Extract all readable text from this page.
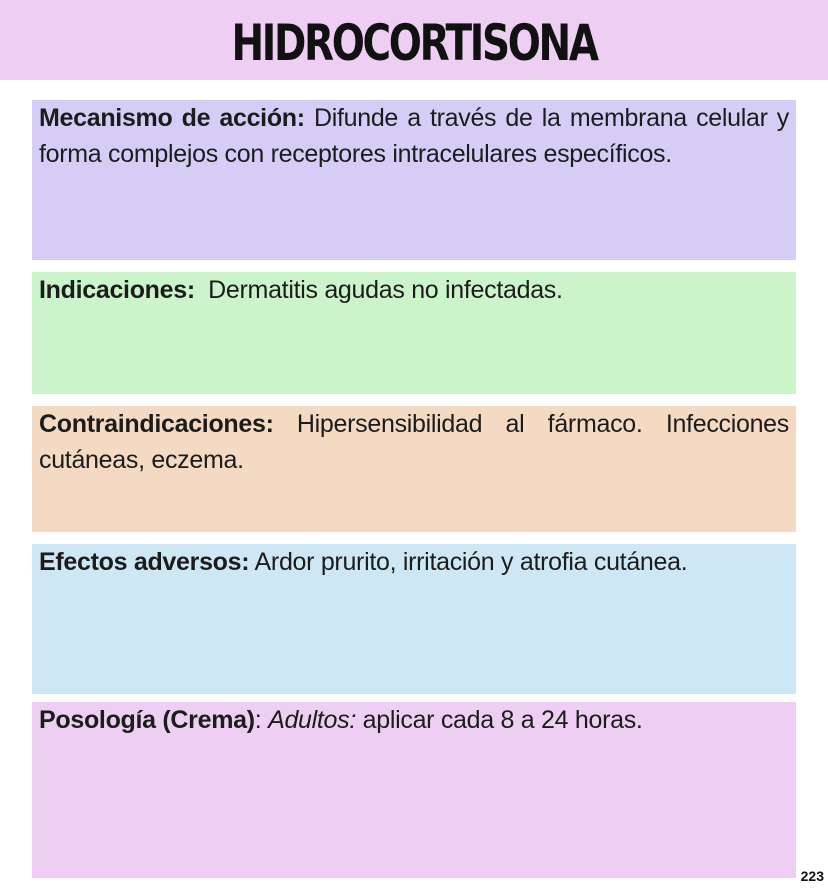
HIDROCORTISONA

Mecanismo de acción: Difunde a través de la membrana celular y forma complejos con receptores intracelulares específicos.

Indicaciones:  Dermatitis agudas no infectadas.

Contraindicaciones: Hipersensibilidad al fármaco. Infecciones cutáneas, eczema.

Efectos adversos: Ardor prurito, irritación y atrofia cutánea.

Posología (Crema): Adultos: aplicar cada 8 a 24 horas.

223
